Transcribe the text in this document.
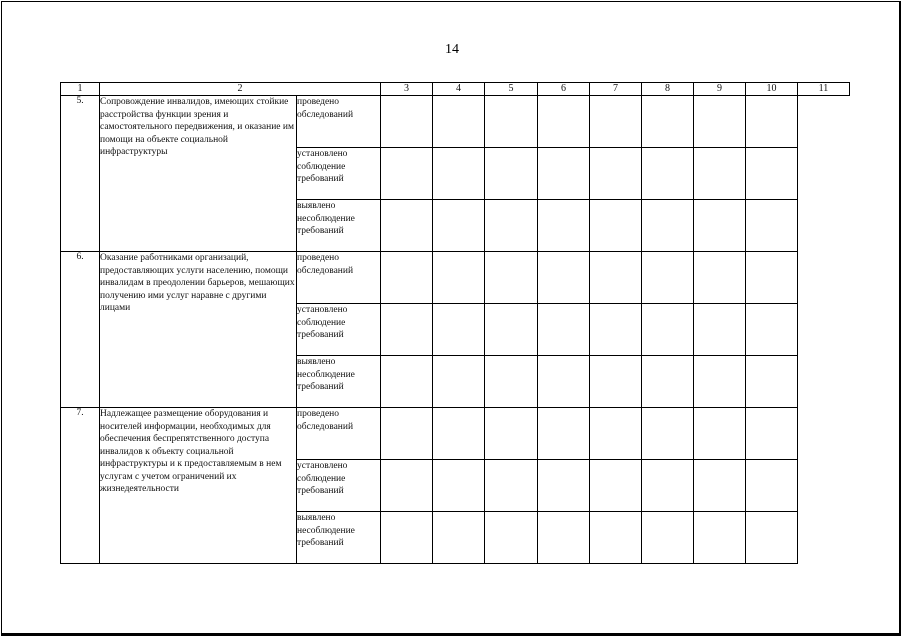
14
1	2		3	4	5	6	7	8	9	10	11
5.	Сопровождение инвалидов, имеющих стойкие расстройства функции зрения и самостоятельного передвижения, и оказание им помощи на объекте социальной инфраструктуры	проведено обследований									
		установлено соблюдение требований									
		выявлено несоблюдение требований									
6.	Оказание работниками организаций, предоставляющих услуги населению, помощи инвалидам в преодолении барьеров, мешающих получению ими услуг наравне с другими лицами	проведено обследований									
		установлено соблюдение требований									
		выявлено несоблюдение требований									
7.	Надлежащее размещение оборудования и носителей информации, необходимых для обеспечения беспрепятственного доступа инвалидов к объекту социальной инфраструктуры и к предоставляемым в нем услугам с учетом ограничений их жизнедеятельности	проведено обследований									
		установлено соблюдение требований									
		выявлено несоблюдение требований									
